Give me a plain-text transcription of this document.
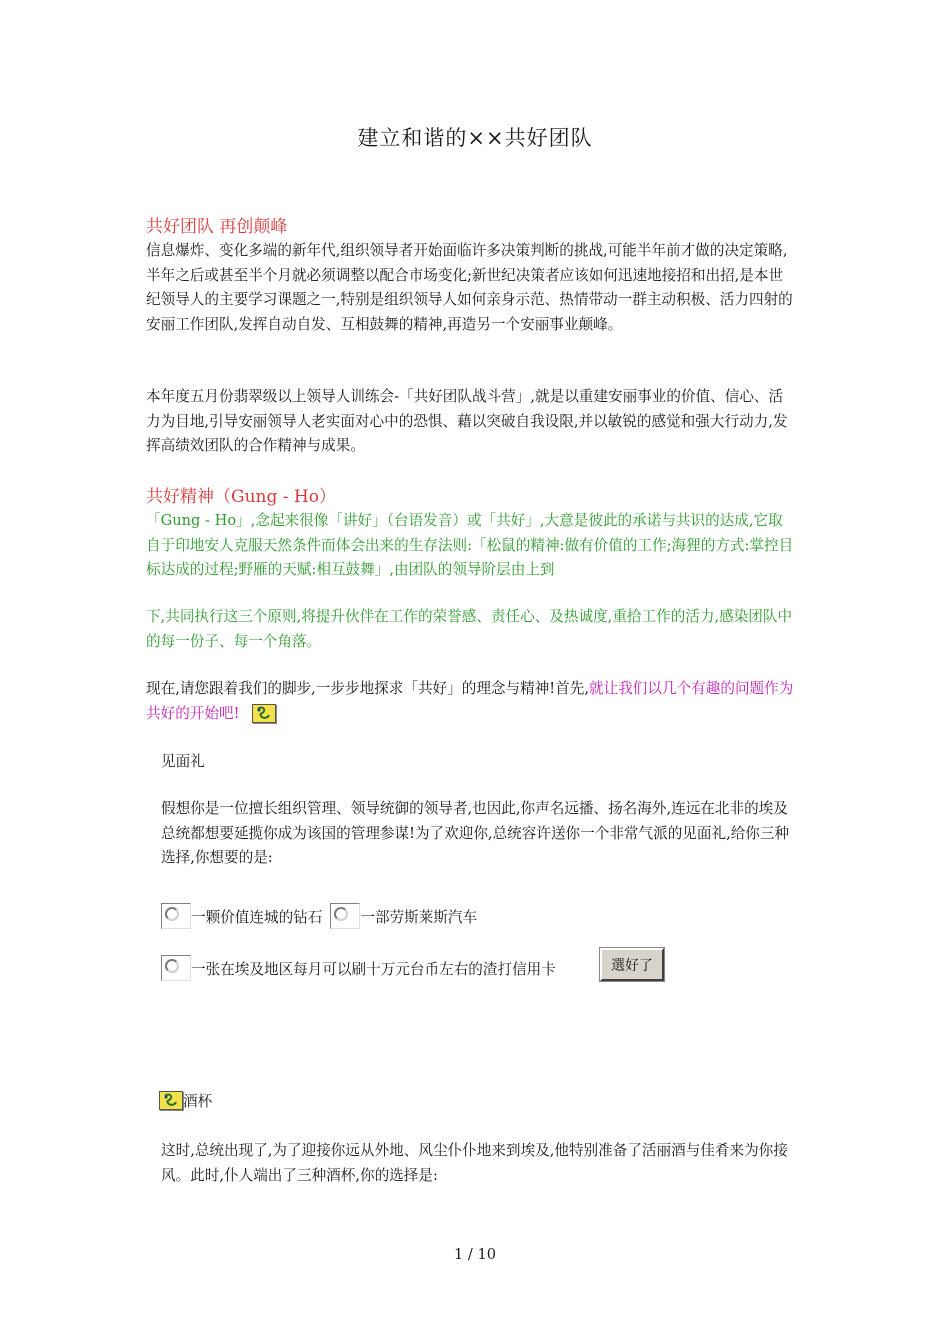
建立和谐的××共好团队
共好团队 再创颠峰
信息爆炸、变化多端的新年代,组织领导者开始面临许多决策判断的挑战,可能半年前才做的决定策略,半年之后或甚至半个月就必须调整以配合市场变化;新世纪决策者应该如何迅速地接招和出招,是本世纪领导人的主要学习课题之一,特别是组织领导人如何亲身示范、热情带动一群主动积极、活力四射的安丽工作团队,发挥自动自发、互相鼓舞的精神,再造另一个安丽事业颠峰。
本年度五月份翡翠级以上领导人训练会-「共好团队战斗营」,就是以重建安丽事业的价值、信心、活力为目地,引导安丽领导人老实面对心中的恐惧、藉以突破自我设限,并以敏锐的感觉和强大行动力,发挥高绩效团队的合作精神与成果。
共好精神（Gung - Ho）
「Gung - Ho」,念起来很像「讲好」（台语发音）或「共好」,大意是彼此的承诺与共识的达成,它取自于印地安人克服天然条件而体会出来的生存法则:「松鼠的精神:做有价值的工作;海狸的方式:掌控目标达成的过程;野雁的天赋:相互鼓舞」,由团队的领导阶层由上到
下,共同执行这三个原则,将提升伙伴在工作的荣誉感、责任心、及热诚度,重拾工作的活力,感染团队中的每一份子、每一个角落。
现在,请您跟着我们的脚步,一步步地探求「共好」的理念与精神!首先,就让我们以几个有趣的问题作为共好的开始吧!
见面礼
假想你是一位擅长组织管理、领导统御的领导者,也因此,你声名远播、扬名海外,连远在北非的埃及总统都想要延揽你成为该国的管理参谋!为了欢迎你,总统容许送你一个非常气派的见面礼,给你三种选择,你想要的是:
一颗价值连城的钻石	一部劳斯莱斯汽车
一张在埃及地区每月可以刷十万元台币左右的渣打信用卡	選好了
酒杯
这时,总统出现了,为了迎接你远从外地、风尘仆仆地来到埃及,他特别准备了活丽酒与佳肴来为你接风。此时,仆人端出了三种酒杯,你的选择是:
1 / 10
